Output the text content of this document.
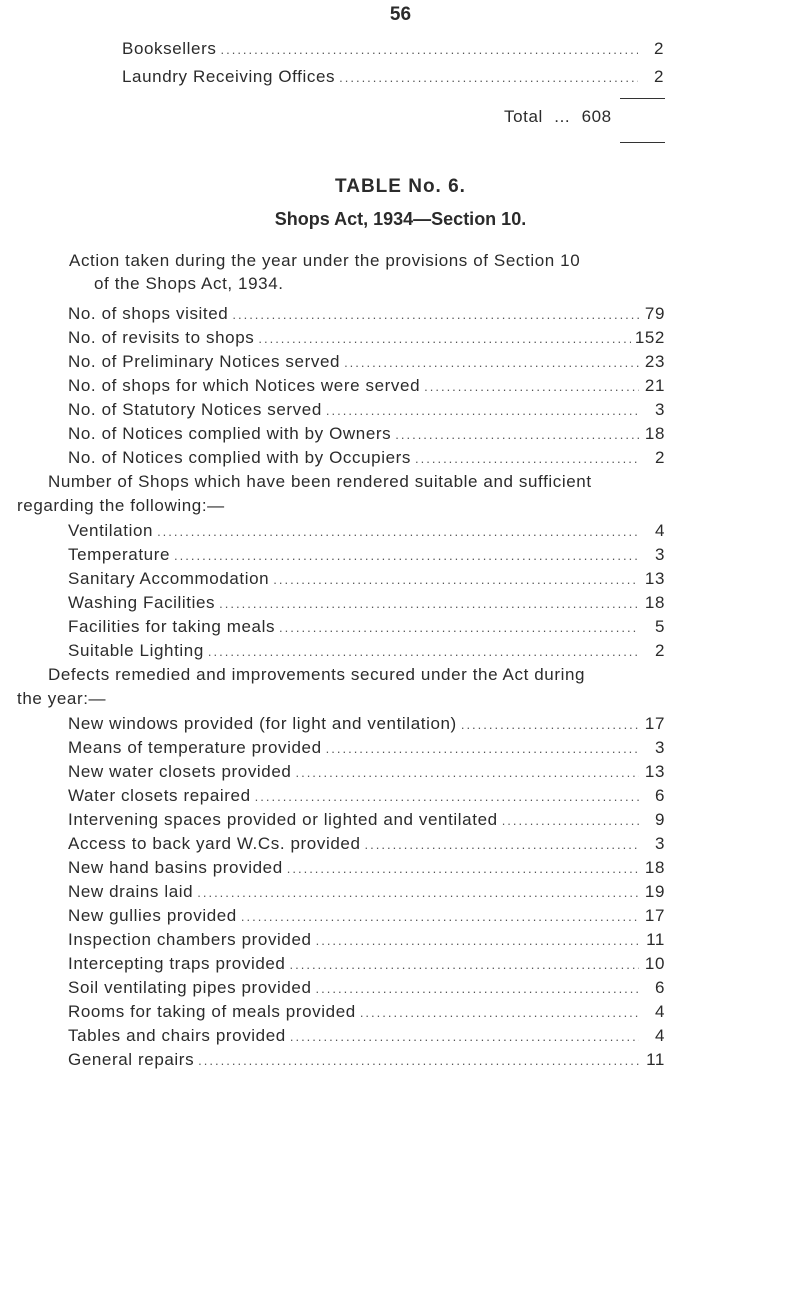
56
Booksellers .....	2
Laundry Receiving Offices .....	2
Total ... 608
TABLE No. 6.
Shops Act, 1934—Section 10.
Action taken during the year under the provisions of Section 10
of the Shops Act, 1934.
No. of shops visited .....	79
No. of revisits to shops .....	152
No. of Preliminary Notices served .....	23
No. of shops for which Notices were served .....	21
No. of Statutory Notices served .....	3
No. of Notices complied with by Owners .....	18
No. of Notices complied with by Occupiers .....	2
Number of Shops which have been rendered suitable and sufficient
regarding the following:—
Ventilation .....	4
Temperature .....	3
Sanitary Accommodation .....	13
Washing Facilities .....	18
Facilities for taking meals .....	5
Suitable Lighting .....	2
Defects remedied and improvements secured under the Act during
the year:—
New windows provided (for light and ventilation) .....	17
Means of temperature provided .....	3
New water closets provided .....	13
Water closets repaired .....	6
Intervening spaces provided or lighted and ventilated .....	9
Access to back yard W.Cs. provided .....	3
New hand basins provided .....	18
New drains laid .....	19
New gullies provided .....	17
Inspection chambers provided .....	11
Intercepting traps provided .....	10
Soil ventilating pipes provided .....	6
Rooms for taking of meals provided .....	4
Tables and chairs provided .....	4
General repairs .....	11
